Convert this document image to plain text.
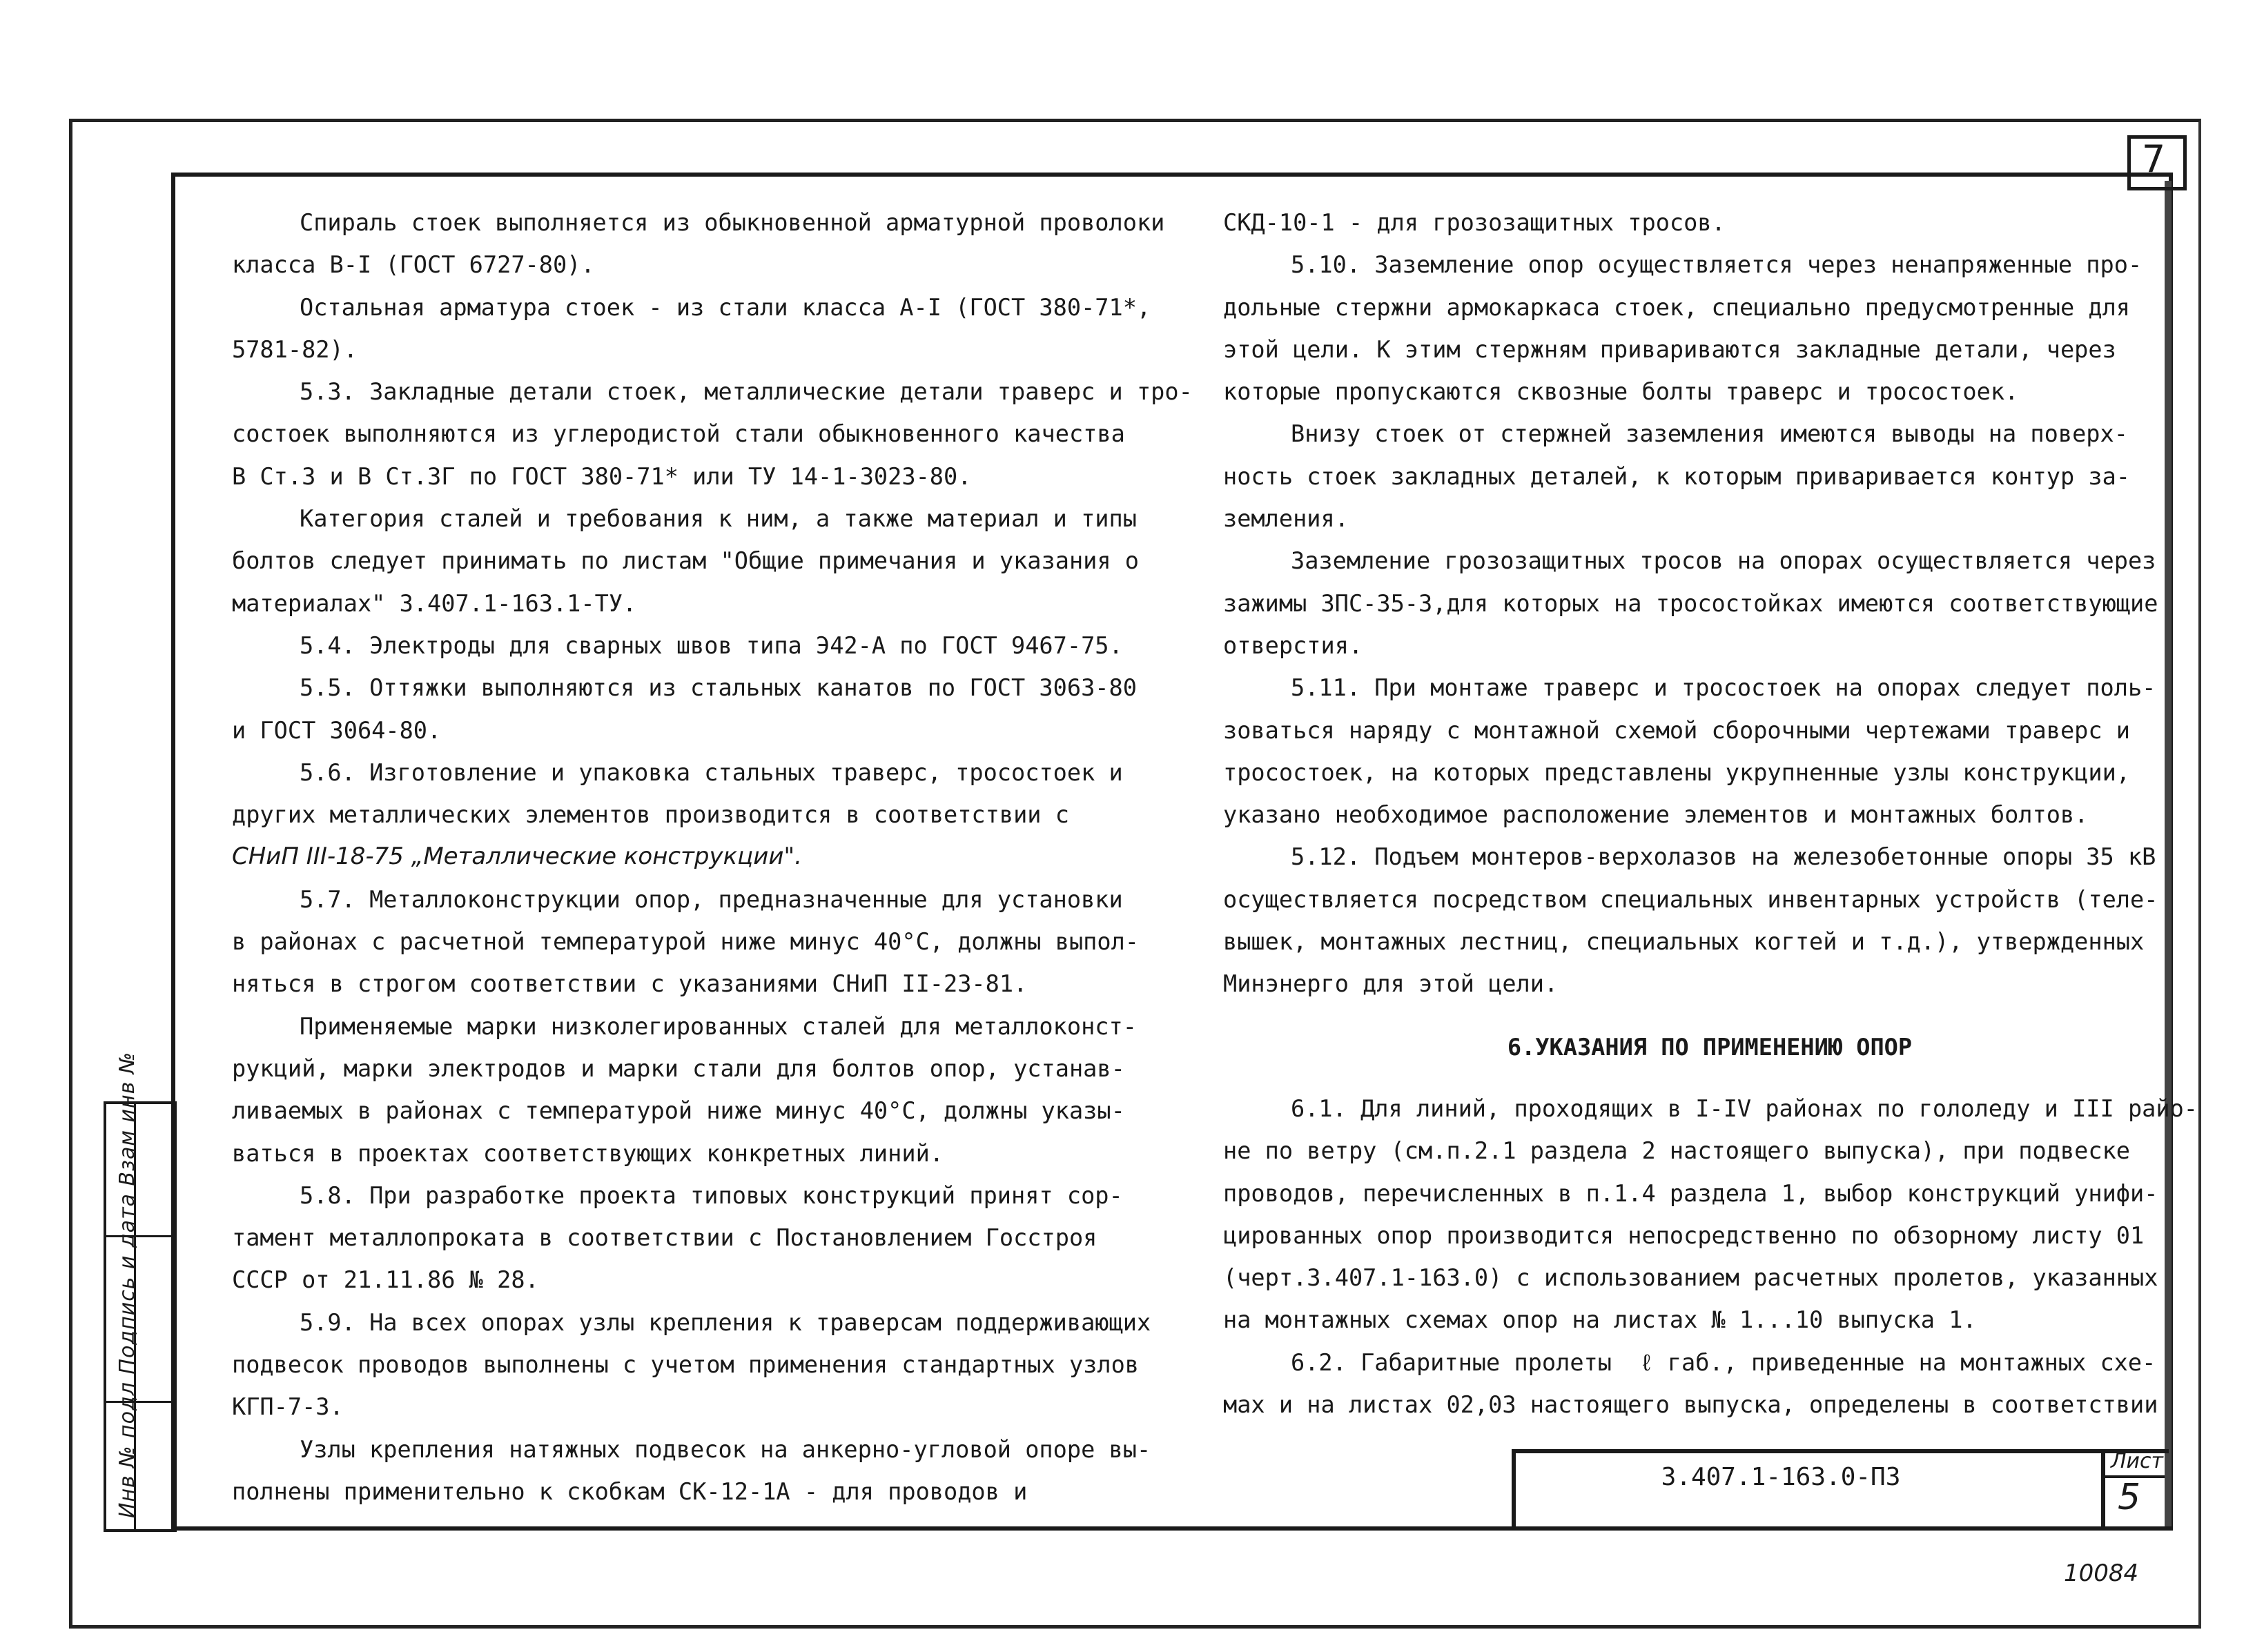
7
Инв № подл Подпись и дата Взам инв №

Спираль стоек выполняется из обыкновенной арматурной проволоки

класса В-I (ГОСТ 6727-80).

Остальная арматура стоек - из стали класса А-I (ГОСТ 380-71*,

5781-82).

5.3. Закладные детали стоек, металлические детали траверс и тро-

состоек выполняются из углеродистой стали обыкновенного качества

В Ст.3 и В Ст.3Г по ГОСТ 380-71* или ТУ 14-1-3023-80.

Категория сталей и требования к ним, а также материал и типы

болтов следует принимать по листам "Общие примечания и указания о

материалах" 3.407.1-163.1-ТУ.

5.4. Электроды для сварных швов типа Э42-А по ГОСТ 9467-75.

5.5. Оттяжки выполняются из стальных канатов по ГОСТ 3063-80

и ГОСТ 3064-80.

5.6. Изготовление и упаковка стальных траверс, тросостоек и

других металлических элементов производится в соответствии с

СНиП III-18-75 „Металлические конструкции".

5.7. Металлоконструкции опор, предназначенные для установки

в районах с расчетной температурой ниже минус 40°С, должны выпол-

няться в строгом соответствии с указаниями СНиП II-23-81.

Применяемые марки низколегированных сталей для металлоконст-

рукций, марки электродов и марки стали для болтов опор, устанав-

ливаемых в районах с температурой ниже минус 40°С, должны указы-

ваться в проектах соответствующих конкретных линий.

5.8. При разработке проекта типовых конструкций принят сор-

тамент металлопроката в соответствии с Постановлением Госстроя

СССР от 21.11.86 № 28.

5.9. На всех опорах узлы крепления к траверсам поддерживающих

подвесок проводов выполнены с учетом применения стандартных узлов

КГП-7-3.

Узлы крепления натяжных подвесок на анкерно-угловой опоре вы-

полнены применительно к скобкам СК-12-1А - для проводов и

СКД-10-1 - для грозозащитных тросов.

5.10. Заземление опор осуществляется через ненапряженные про-

дольные стержни армокаркаса стоек, специально предусмотренные для

этой цели. К этим стержням привариваются закладные детали, через

которые пропускаются сквозные болты траверс и тросостоек.

Внизу стоек от стержней заземления имеются выводы на поверх-

ность стоек закладных деталей, к которым приваривается контур за-

земления.

Заземление грозозащитных тросов на опорах осуществляется через

зажимы ЗПС-35-3,для которых на тросостойках имеются соответствующие

отверстия.

5.11. При монтаже траверс и тросостоек на опорах следует поль-

зоваться наряду с монтажной схемой сборочными чертежами траверс и

тросостоек, на которых представлены укрупненные узлы конструкции,

указано необходимое расположение элементов и монтажных болтов.

5.12. Подъем монтеров-верхолазов на железобетонные опоры 35 кВ

осуществляется посредством специальных инвентарных устройств (теле-

вышек, монтажных лестниц, специальных когтей и т.д.), утвержденных

Минэнерго для этой цели.

6.УКАЗАНИЯ ПО ПРИМЕНЕНИЮ ОПОР

6.1. Для линий, проходящих в I-IV районах по гололеду и III райо-

не по ветру (см.п.2.1 раздела 2 настоящего выпуска), при подвеске

проводов, перечисленных в п.1.4 раздела 1, выбор конструкций унифи-

цированных опор производится непосредственно по обзорному листу 01

(черт.3.407.1-163.0) с использованием расчетных пролетов, указанных

на монтажных схемах опор на листах № 1...10 выпуска 1.

6.2. Габаритные пролеты  ℓ габ., приведенные на монтажных схе-

мах и на листах 02,03 настоящего выпуска, определены в соответствии

3.407.1-163.0-ПЗ
Лист
5
10084
